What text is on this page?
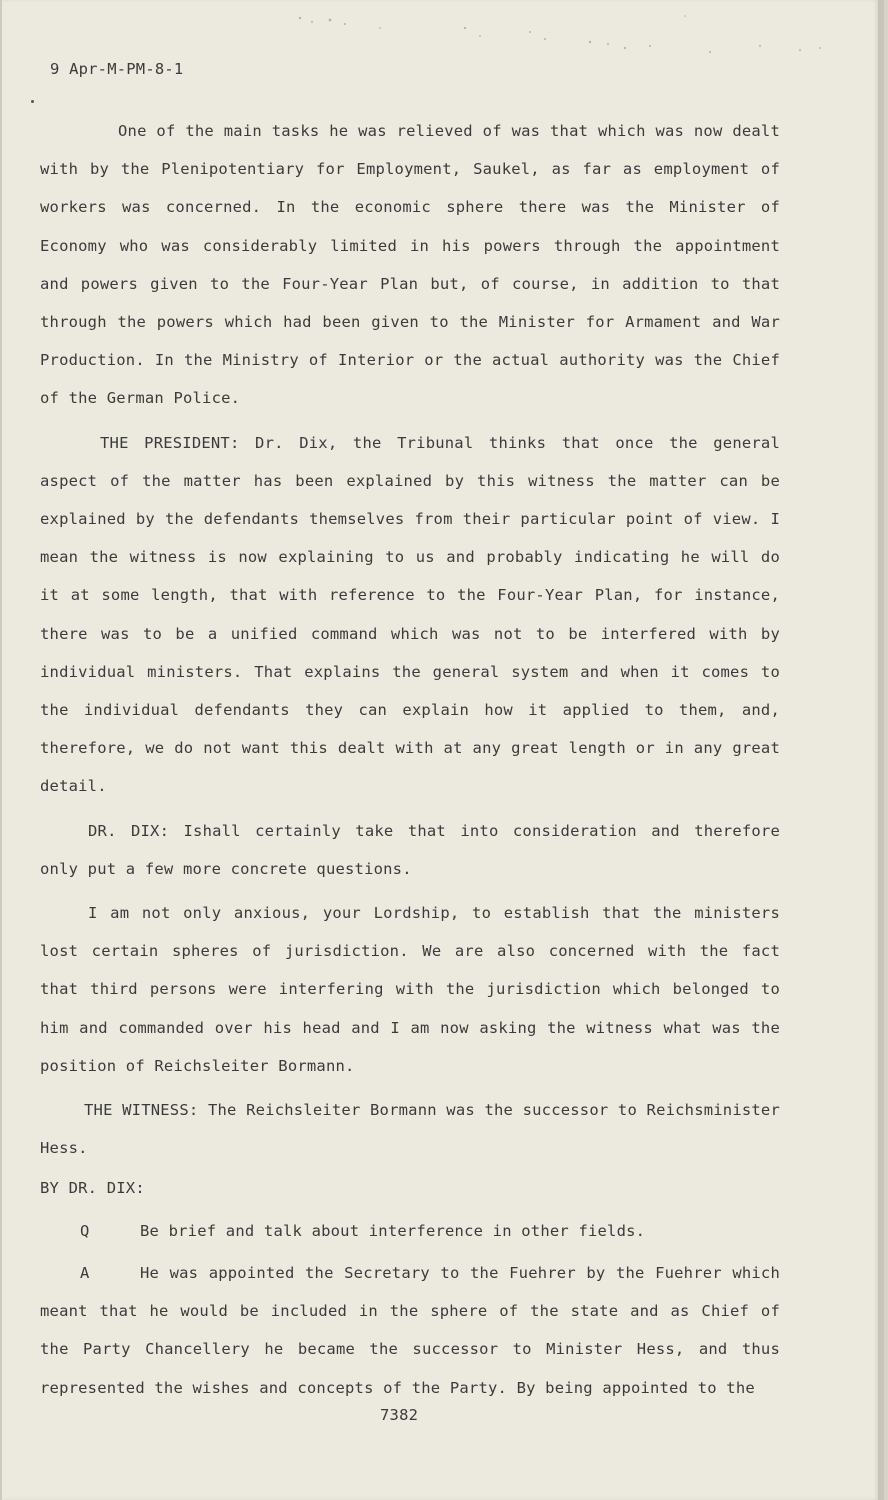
9 Apr-M-PM-8-1

One of the main tasks he was relieved of was that which was now dealt with by the Plenipotentiary for Employment, Saukel, as far as employment of workers was concerned. In the economic sphere there was the Minister of Economy who was considerably limited in his powers through the appointment and powers given to the Four-Year Plan but, of course, in addition to that through the powers which had been given to the Minister for Armament and War Production. In the Ministry of Interior or the actual authority was the Chief of the German Police.

THE PRESIDENT: Dr. Dix, the Tribunal thinks that once the general aspect of the matter has been explained by this witness the matter can be explained by the defendants themselves from their particular point of view. I mean the witness is now explaining to us and probably indicating he will do it at some length, that with reference to the Four-Year Plan, for instance, there was to be a unified command which was not to be interfered with by individual ministers. That explains the general system and when it comes to the individual defendants they can explain how it applied to them, and, therefore, we do not want this dealt with at any great length or in any great detail.

DR. DIX: Ishall certainly take that into consideration and therefore only put a few more concrete questions.

I am not only anxious, your Lordship, to establish that the ministers lost certain spheres of jurisdiction. We are also concerned with the fact that third persons were interfering with the jurisdiction which belonged to him and commanded over his head and I am now asking the witness what was the position of Reichsleiter Bormann.

THE WITNESS: The Reichsleiter Bormann was the successor to Reichsminister Hess.

BY DR. DIX:
Q	Be brief and talk about interference in other fields.
A	He was appointed the Secretary to the Fuehrer by the Fuehrer which meant that he would be included in the sphere of the state and as Chief of the Party Chancellery he became the successor to Minister Hess, and thus represented the wishes and concepts of the Party. By being appointed to the
7382
